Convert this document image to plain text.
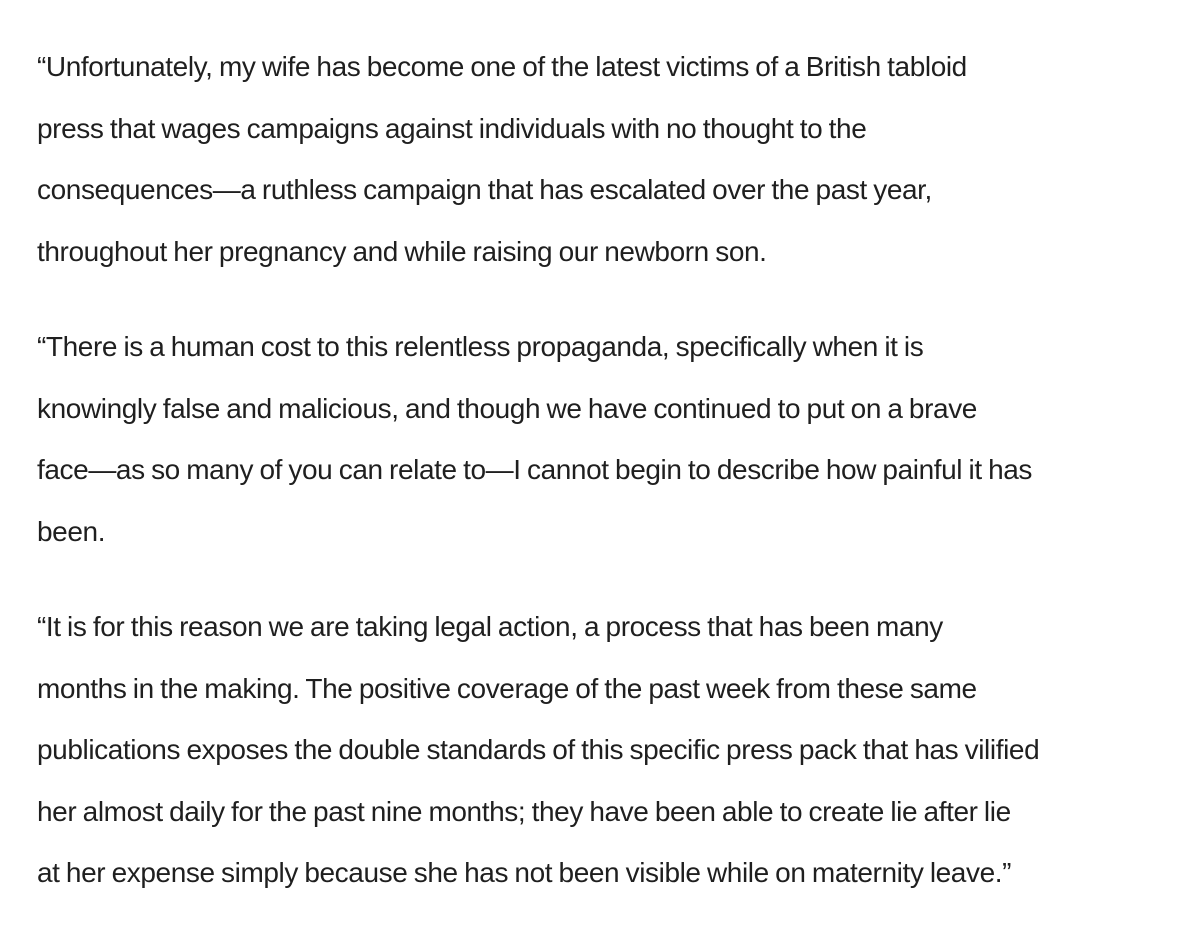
“Unfortunately, my wife has become one of the latest victims of a British tabloid
press that wages campaigns against individuals with no thought to the
consequences—a ruthless campaign that has escalated over the past year,
throughout her pregnancy and while raising our newborn son.

“There is a human cost to this relentless propaganda, specifically when it is
knowingly false and malicious, and though we have continued to put on a brave
face—as so many of you can relate to—I cannot begin to describe how painful it has
been.

“It is for this reason we are taking legal action, a process that has been many
months in the making. The positive coverage of the past week from these same
publications exposes the double standards of this specific press pack that has vilified
her almost daily for the past nine months; they have been able to create lie after lie
at her expense simply because she has not been visible while on maternity leave.”
